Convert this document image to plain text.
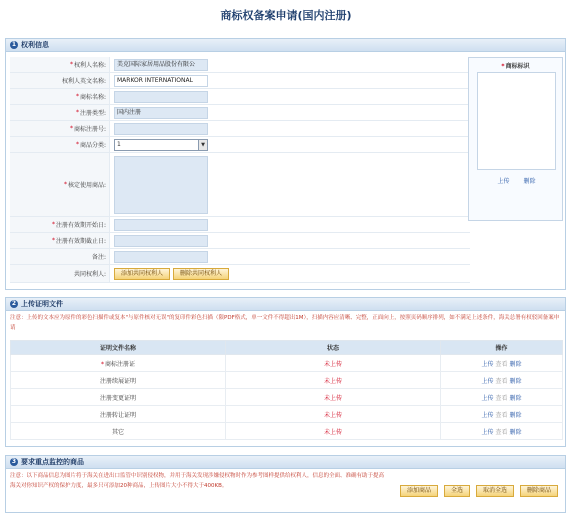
商标权备案申请(国内注册)
1 权利信息
* 权利人名称:	美克国际家居用品股份有限公
权利人英文名称:	MARKOR INTERNATIONAL
* 商标名称:
* 注册类型:	国内注册
* 商标注册号:
* 商品分类:	1	▼
* 核定使用商品:
* 注册有效期开始日:
* 注册有效期截止日:
备注:
共同权利人:	添加共同权利人	删除共同权利人
*商标标识
上传 删除
2 上传证明文件
注意：上传的文本应为原件的彩色扫描件或复本"与原件核对无误"的复印件彩色扫描（限PDF格式，单一文件不得超出1M），扫描内容应清晰、完整，正面向上，按照页码顺序排列，如不满足上述条件，海关总署有权驳回备案申请
证明文件名称	状态	操作
*商标注册证	未上传	上传 查看 删除
注册续展证明	未上传	上传 查看 删除
注册变更证明	未上传	上传 查看 删除
注册转让证明	未上传	上传 查看 删除
其它	未上传	上传 查看 删除
3 要求重点监控的商品
注意：以下商品信息为图片将于海关在进出口监管中识别侵权物，并用于海关发现涉嫌侵权物时作为参考图样提供给权利人，信息的全面、准确有助于提高海关对你知识产权的保护力度，最多只可添加20种商品，上传图片大小不得大于400KB。
添加商品	全选	取消全选	删除商品
